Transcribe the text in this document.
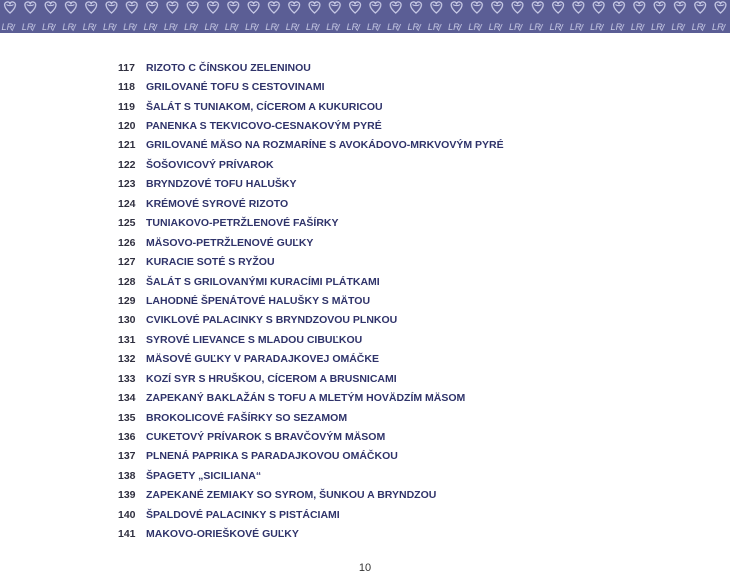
117	RIZOTO C ČÍNSKOU ZELENINOU
118	GRILOVANÉ TOFU S CESTOVINAMI
119	ŠALÁT S TUNIAKOM, CÍCEROM A KUKURICOU
120 PANENKA S TEKVICOVO-CESNAKOVÝM PYRÉ
121 GRILOVANÉ MÄSO NA ROZMARÍNE S AVOKÁDOVO-MRKVOVÝM PYRÉ
122 ŠOŠOVICOVÝ PRÍVAROK
123 BRYNDZOVÉ TOFU HALUŠKY
124 KRÉMOVÉ SYROVÉ RIZOTO
125 TUNIAKOVO-PETRŽLENOVÉ FAŠÍRKY
126 MÄSOVO-PETRŽLENOVÉ GUĽKY
127 KURACIE SOTÉ S RYŽOU
128 ŠALÁT S GRILOVANÝMI KURACÍMI PLÁTKAMI
129 LAHODNÉ ŠPENÁTOVÉ HALUŠKY S MÄTOU
130 CVIKLOVÉ PALACINKY S BRYNDZOVOU PLNKOU
131 SYROVÉ LIEVANCE S MLADOU CIBUĽKOU
132 MÄSOVÉ GUĽKY V PARADAJKOVEJ OMÁČKE
133 KOZÍ SYR S HRUŠKOU, CÍCEROM A BRUSNICAMI
134 ZAPEKANÝ BAKLAŽÁN S TOFU A MLETÝM HOVÄDZÍM MÄSOM
135 BROKOLICOVÉ FAŠÍRKY SO SEZAMOM
136 CUKETOVÝ PRÍVAROK S BRAVČOVÝM MÄSOM
137 PLNENÁ PAPRIKA S PARADAJKOVOU OMÁČKOU
138 ŠPAGETY „SICILIANA“
139 ZAPEKANÉ ZEMIAKY SO SYROM, ŠUNKOU A BRYNDZOU
140 ŠPALDOVÉ PALACINKY S PISTÁCIAMI
141 MAKOVO-ORIEŠKOVÉ GUĽKY
10
